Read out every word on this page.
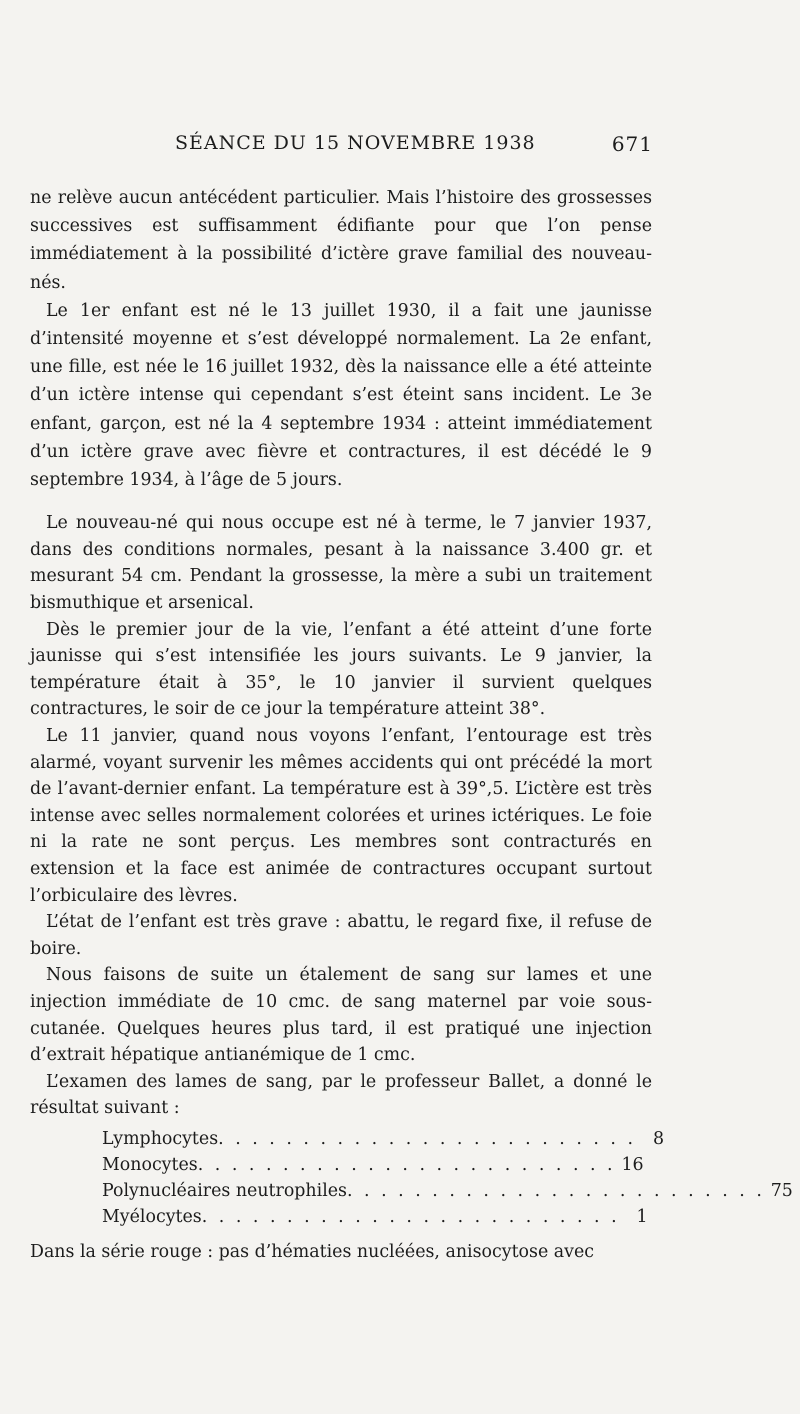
SÉANCE DU 15 NOVEMBRE 1938	671

ne relève aucun antécédent particulier. Mais l’histoire des grossesses successives est suffisamment édifiante pour que l’on pense immédiatement à la possibilité d’ictère grave familial des nouveau-nés.

Le 1er enfant est né le 13 juillet 1930, il a fait une jaunisse d’intensité moyenne et s’est développé normalement. La 2e enfant, une fille, est née le 16 juillet 1932, dès la naissance elle a été atteinte d’un ictère intense qui cependant s’est éteint sans incident. Le 3e enfant, garçon, est né la 4 septembre 1934 : atteint immédiatement d’un ictère grave avec fièvre et contractures, il est décédé le 9 septembre 1934, à l’âge de 5 jours.

Le nouveau-né qui nous occupe est né à terme, le 7 janvier 1937, dans des conditions normales, pesant à la naissance 3.400 gr. et mesurant 54 cm. Pendant la grossesse, la mère a subi un traitement bismuthique et arsenical.

Dès le premier jour de la vie, l’enfant a été atteint d’une forte jaunisse qui s’est intensifiée les jours suivants. Le 9 janvier, la température était à 35°, le 10 janvier il survient quelques contractures, le soir de ce jour la température atteint 38°.

Le 11 janvier, quand nous voyons l’enfant, l’entourage est très alarmé, voyant survenir les mêmes accidents qui ont précédé la mort de l’avant-dernier enfant. La température est à 39°,5. L’ictère est très intense avec selles normalement colorées et urines ictériques. Le foie ni la rate ne sont perçus. Les membres sont contracturés en extension et la face est animée de contractures occupant surtout l’orbiculaire des lèvres.

L’état de l’enfant est très grave : abattu, le regard fixe, il refuse de boire.

Nous faisons de suite un étalement de sang sur lames et une injection immédiate de 10 cmc. de sang maternel par voie sous-cutanée. Quelques heures plus tard, il est pratiqué une injection d’extrait hépatique antianémique de 1 cmc.

L’examen des lames de sang, par le professeur Ballet, a donné le résultat suivant :

Lymphocytes . . . . . . . . . . . . . . . . . . . . . . . . . 8
Monocytes . . . . . . . . . . . . . . . . . . . . . . . . . 16
Polynucléaires neutrophiles . . . . . . . . . . . . . . . . . . . . . . . . . 75
Myélocytes . . . . . . . . . . . . . . . . . . . . . . . . . 1

Dans la série rouge : pas d’hématies nucléées, anisocytose avec
